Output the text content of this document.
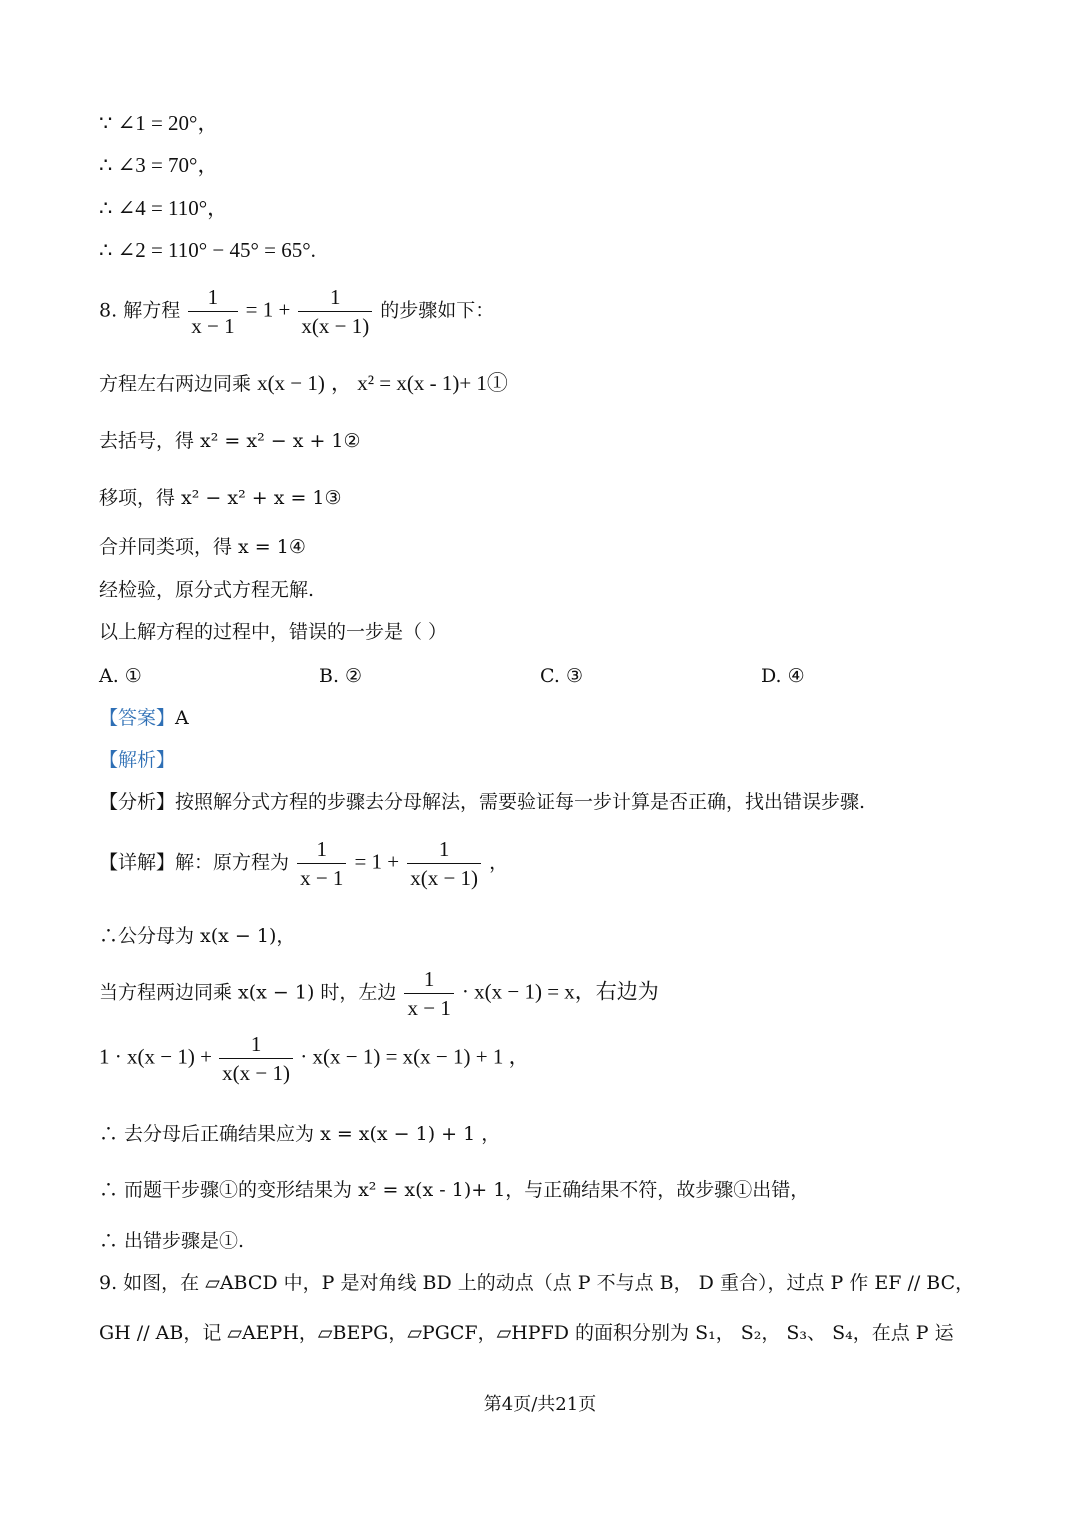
∵ ∠1 = 20°，
∴ ∠3 = 70°，
∴ ∠4 = 110°，
∴ ∠2 = 110° − 45° = 65°.
8. 解方程 $\frac{1}{x - 1} = 1 + \frac{1}{x(x - 1)}$ 的步骤如下：
方程左右两边同乘 x(x − 1) ， x² = x(x - 1)+ 1①
去括号，得 x² = x² − x + 1②
移项，得 x² − x² + x = 1③
合并同类项，得 x = 1④
经检验，原分式方程无解.
以上解方程的过程中，错误的一步是（ ）
A. ①	B. ②	C. ③	D. ④
【答案】A
【解析】
【分析】按照解分式方程的步骤去分母解法，需要验证每一步计算是否正确，找出错误步骤.
【详解】解：原方程为 $\frac{1}{x - 1} = 1 + \frac{1}{x(x - 1)}$ ，
∴公分母为 x(x − 1)，
当方程两边同乘 x(x − 1) 时，左边 $\frac{1}{x - 1} \cdot x(x - 1) = x$，右边为
$1 \cdot x(x - 1) + \frac{1}{x(x - 1)} \cdot x(x - 1) = x(x - 1) + 1$ ，
∴ 去分母后正确结果应为 x = x(x − 1) + 1 ，
∴ 而题干步骤①的变形结果为 x² = x(x - 1)+ 1，与正确结果不符，故步骤①出错，
∴ 出错步骤是①.
9. 如图，在 ▱ABCD 中，P 是对角线 BD 上的动点（点 P 不与点 B， D 重合），过点 P 作 EF // BC，
GH // AB，记 ▱AEPH，▱BEPG，▱PGCF，▱HPFD 的面积分别为 S₁， S₂， S₃、 S₄，在点 P 运
第4页/共21页
